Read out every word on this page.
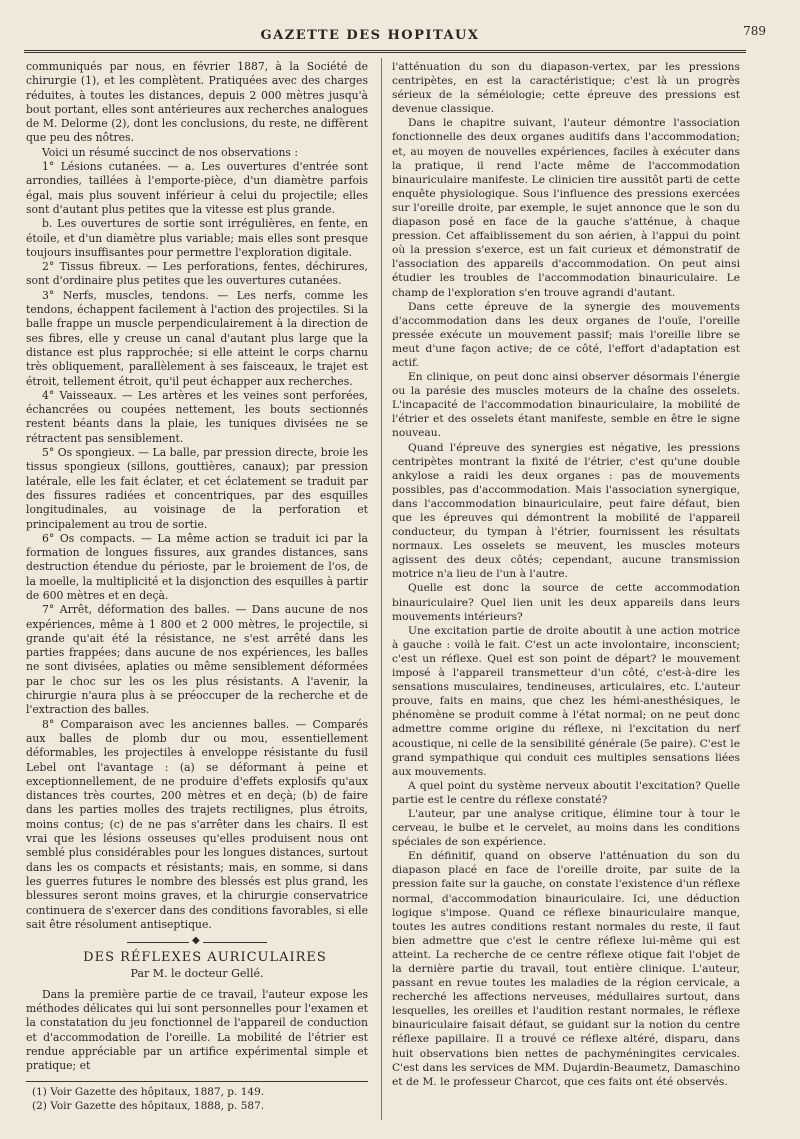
GAZETTE DES HOPITAUX	789

communiqués par nous, en février 1887, à la Société de chirurgie (1), et les complètent. Pratiquées avec des charges réduites, à toutes les distances, depuis 2 000 mètres jusqu'à bout portant, elles sont antérieures aux recherches analogues de M. Delorme (2), dont les conclusions, du reste, ne diffèrent que peu des nôtres.

Voici un résumé succinct de nos observations :

1° Lésions cutanées. — a. Les ouvertures d'entrée sont arrondies, taillées à l'emporte-pièce, d'un diamètre parfois égal, mais plus souvent inférieur à celui du projectile; elles sont d'autant plus petites que la vitesse est plus grande.

b. Les ouvertures de sortie sont irrégulières, en fente, en étoile, et d'un diamètre plus variable; mais elles sont presque toujours insuffisantes pour permettre l'exploration digitale.

2° Tissus fibreux. — Les perforations, fentes, déchirures, sont d'ordinaire plus petites que les ouvertures cutanées.

3° Nerfs, muscles, tendons. — Les nerfs, comme les tendons, échappent facilement à l'action des projectiles. Si la balle frappe un muscle perpendiculairement à la direction de ses fibres, elle y creuse un canal d'autant plus large que la distance est plus rapprochée; si elle atteint le corps charnu très obliquement, parallèlement à ses faisceaux, le trajet est étroit, tellement étroit, qu'il peut échapper aux recherches.

4° Vaisseaux. — Les artères et les veines sont perforées, échancrées ou coupées nettement, les bouts sectionnés restent béants dans la plaie, les tuniques divisées ne se rétractent pas sensiblement.

5° Os spongieux. — La balle, par pression directe, broie les tissus spongieux (sillons, gouttières, canaux); par pression latérale, elle les fait éclater, et cet éclatement se traduit par des fissures radiées et concentriques, par des esquilles longitudinales, au voisinage de la perforation et principalement au trou de sortie.

6° Os compacts. — La même action se traduit ici par la formation de longues fissures, aux grandes distances, sans destruction étendue du périoste, par le broiement de l'os, de la moelle, la multiplicité et la disjonction des esquilles à partir de 600 mètres et en deçà.

7° Arrêt, déformation des balles. — Dans aucune de nos expériences, même à 1 800 et 2 000 mètres, le projectile, si grande qu'ait été la résistance, ne s'est arrêté dans les parties frappées; dans aucune de nos expériences, les balles ne sont divisées, aplaties ou même sensiblement déformées par le choc sur les os les plus résistants. A l'avenir, la chirurgie n'aura plus à se préoccuper de la recherche et de l'extraction des balles.

8° Comparaison avec les anciennes balles. — Comparés aux balles de plomb dur ou mou, essentiellement déformables, les projectiles à enveloppe résistante du fusil Lebel ont l'avantage : (a) se déformant à peine et exceptionnellement, de ne produire d'effets explosifs qu'aux distances très courtes, 200 mètres et en deçà; (b) de faire dans les parties molles des trajets rectilignes, plus étroits, moins contus; (c) de ne pas s'arrêter dans les chairs. Il est vrai que les lésions osseuses qu'elles produisent nous ont semblé plus considérables pour les longues distances, surtout dans les os compacts et résistants; mais, en somme, si dans les guerres futures le nombre des blessés est plus grand, les blessures seront moins graves, et la chirurgie conservatrice continuera de s'exercer dans des conditions favorables, si elle sait être résolument antiseptique.

◆

DES RÉFLEXES AURICULAIRES

Par M. le docteur Gellé.

Dans la première partie de ce travail, l'auteur expose les méthodes délicates qui lui sont personnelles pour l'examen et la constatation du jeu fonctionnel de l'appareil de conduction et d'accommodation de l'oreille. La mobilité de l'étrier est rendue appréciable par un artifice expérimental simple et pratique; et

(1) Voir Gazette des hôpitaux, 1887, p. 149.
(2) Voir Gazette des hôpitaux, 1888, p. 587.

l'atténuation du son du diapason-vertex, par les pressions centripètes, en est la caractéristique; c'est là un progrès sérieux de la séméiologie; cette épreuve des pressions est devenue classique.

Dans le chapitre suivant, l'auteur démontre l'association fonctionnelle des deux organes auditifs dans l'accommodation; et, au moyen de nouvelles expériences, faciles à exécuter dans la pratique, il rend l'acte même de l'accommodation binauriculaire manifeste. Le clinicien tire aussitôt parti de cette enquête physiologique. Sous l'influence des pressions exercées sur l'oreille droite, par exemple, le sujet annonce que le son du diapason posé en face de la gauche s'atténue, à chaque pression. Cet affaiblissement du son aérien, à l'appui du point où la pression s'exerce, est un fait curieux et démonstratif de l'association des appareils d'accommodation. On peut ainsi étudier les troubles de l'accommodation binauriculaire. Le champ de l'exploration s'en trouve agrandi d'autant.

Dans cette épreuve de la synergie des mouvements d'accommodation dans les deux organes de l'ouïe, l'oreille pressée exécute un mouvement passif; mais l'oreille libre se meut d'une façon active; de ce côté, l'effort d'adaptation est actif.

En clinique, on peut donc ainsi observer désormais l'énergie ou la parésie des muscles moteurs de la chaîne des osselets. L'incapacité de l'accommodation binauriculaire, la mobilité de l'étrier et des osselets étant manifeste, semble en être le signe nouveau.

Quand l'épreuve des synergies est négative, les pressions centripètes montrant la fixité de l'étrier, c'est qu'une double ankylose a raidi les deux organes : pas de mouvements possibles, pas d'accommodation. Mais l'association synergique, dans l'accommodation binauriculaire, peut faire défaut, bien que les épreuves qui démontrent la mobilité de l'appareil conducteur, du tympan à l'étrier, fournissent les résultats normaux. Les osselets se meuvent, les muscles moteurs agissent des deux côtés; cependant, aucune transmission motrice n'a lieu de l'un à l'autre.

Quelle est donc la source de cette accommodation binauriculaire? Quel lien unit les deux appareils dans leurs mouvements intérieurs?

Une excitation partie de droite aboutit à une action motrice à gauche : voilà le fait. C'est un acte involontaire, inconscient; c'est un réflexe. Quel est son point de départ? le mouvement imposé à l'appareil transmetteur d'un côté, c'est-à-dire les sensations musculaires, tendineuses, articulaires, etc. L'auteur prouve, faits en mains, que chez les hémi-anesthésiques, le phénomène se produit comme à l'état normal; on ne peut donc admettre comme origine du réflexe, ni l'excitation du nerf acoustique, ni celle de la sensibilité générale (5e paire). C'est le grand sympathique qui conduit ces multiples sensations liées aux mouvements.

A quel point du système nerveux aboutit l'excitation? Quelle partie est le centre du réflexe constaté?

L'auteur, par une analyse critique, élimine tour à tour le cerveau, le bulbe et le cervelet, au moins dans les conditions spéciales de son expérience.

En définitif, quand on observe l'atténuation du son du diapason placé en face de l'oreille droite, par suite de la pression faite sur la gauche, on constate l'existence d'un réflexe normal, d'accommodation binauriculaire. Ici, une déduction logique s'impose. Quand ce réflexe binauriculaire manque, toutes les autres conditions restant normales du reste, il faut bien admettre que c'est le centre réflexe lui-même qui est atteint. La recherche de ce centre réflexe otique fait l'objet de la dernière partie du travail, tout entière clinique. L'auteur, passant en revue toutes les maladies de la région cervicale, a recherché les affections nerveuses, médullaires surtout, dans lesquelles, les oreilles et l'audition restant normales, le réflexe binauriculaire faisait défaut, se guidant sur la notion du centre réflexe papillaire. Il a trouvé ce réflexe altéré, disparu, dans huit observations bien nettes de pachyméningites cervicales. C'est dans les services de MM. Dujardin-Beaumetz, Damaschino et de M. le professeur Charcot, que ces faits ont été observés.
